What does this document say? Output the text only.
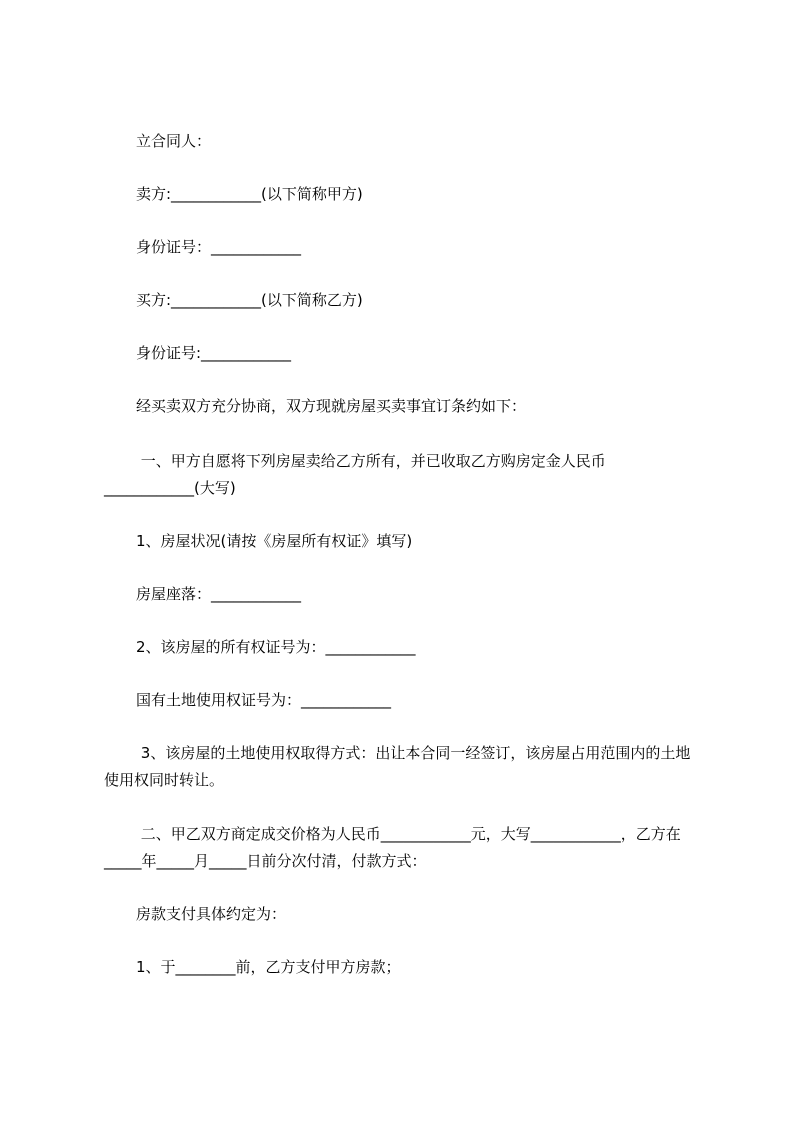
立合同人：

卖方:____________(以下简称甲方)

身份证号：____________

买方:____________(以下简称乙方)

身份证号:____________

经买卖双方充分协商，双方现就房屋买卖事宜订条约如下：

一、甲方自愿将下列房屋卖给乙方所有，并已收取乙方购房定金人民币____________(大写)

1、房屋状况(请按《房屋所有权证》填写)

房屋座落：____________

2、该房屋的所有权证号为：____________

国有土地使用权证号为：____________

3、该房屋的土地使用权取得方式：出让本合同一经签订，该房屋占用范围内的土地使用权同时转让。

二、甲乙双方商定成交价格为人民币____________元，大写____________，乙方在_____年_____月_____日前分次付清，付款方式：

房款支付具体约定为：

1、于________前，乙方支付甲方房款；
